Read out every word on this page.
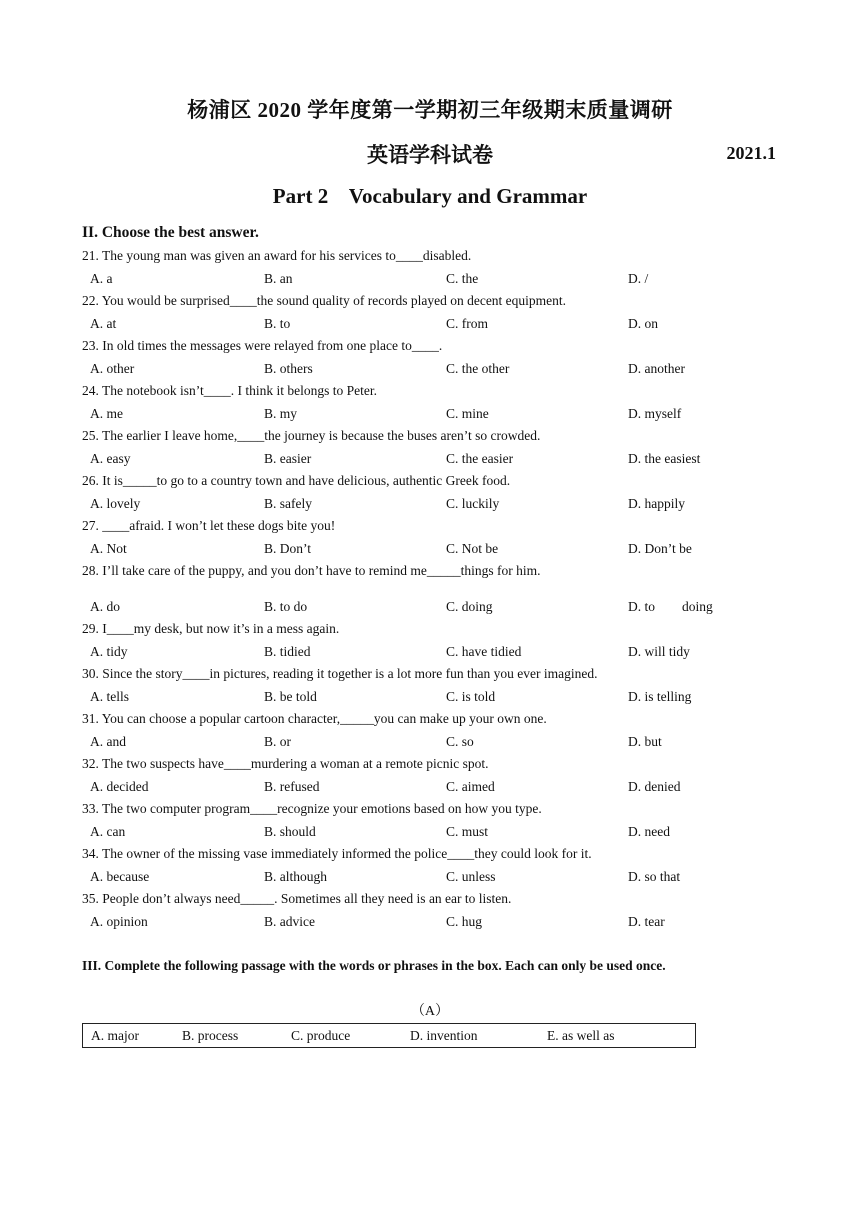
杨浦区 2020 学年度第一学期初三年级期末质量调研
英语学科试卷	2021.1
Part 2    Vocabulary and Grammar
II. Choose the best answer.
21. The young man was given an award for his services to____disabled.
A. a	B. an	C. the	D. /
22. You would be surprised____the sound quality of records played on decent equipment.
A. at	B. to	C. from	D. on
23. In old times the messages were relayed from one place to____.
A. other	B. others	C. the other	D. another
24. The notebook isn’t____. I think it belongs to Peter.
A. me	B. my	C. mine	D. myself
25. The earlier I leave home,____the journey is because the buses aren’t so crowded.
A. easy	B. easier	C. the easier	D. the easiest
26. It is_____to go to a country town and have delicious, authentic Greek food.
A. lovely	B. safely	C. luckily	D. happily
27. ____afraid. I won’t let these dogs bite you!
A. Not	B. Don’t	C. Not be	D. Don’t be
28. I’ll take care of the puppy, and you don’t have to remind me_____things for him.
A. do	B. to do	C. doing	D. to        doing
29. I____my desk, but now it’s in a mess again.
A. tidy	B. tidied	C. have tidied	D. will tidy
30. Since the story____in pictures, reading it together is a lot more fun than you ever imagined.
A. tells	B. be told	C. is told	D. is telling
31. You can choose a popular cartoon character,_____you can make up your own one.
A. and	B. or	C. so	D. but
32. The two suspects have____murdering a woman at a remote picnic spot.
A. decided	B. refused	C. aimed	D. denied
33. The two computer program____recognize your emotions based on how you type.
A. can	B. should	C. must	D. need
34. The owner of the missing vase immediately informed the police____they could look for it.
A. because	B. although	C. unless	D. so that
35. People don’t always need_____. Sometimes all they need is an ear to listen.
A. opinion	B. advice	C. hug	D. tear
III. Complete the following passage with the words or phrases in the box. Each can only be used once.
（A）
A. major	B. process	C. produce	D. invention	E. as well as
